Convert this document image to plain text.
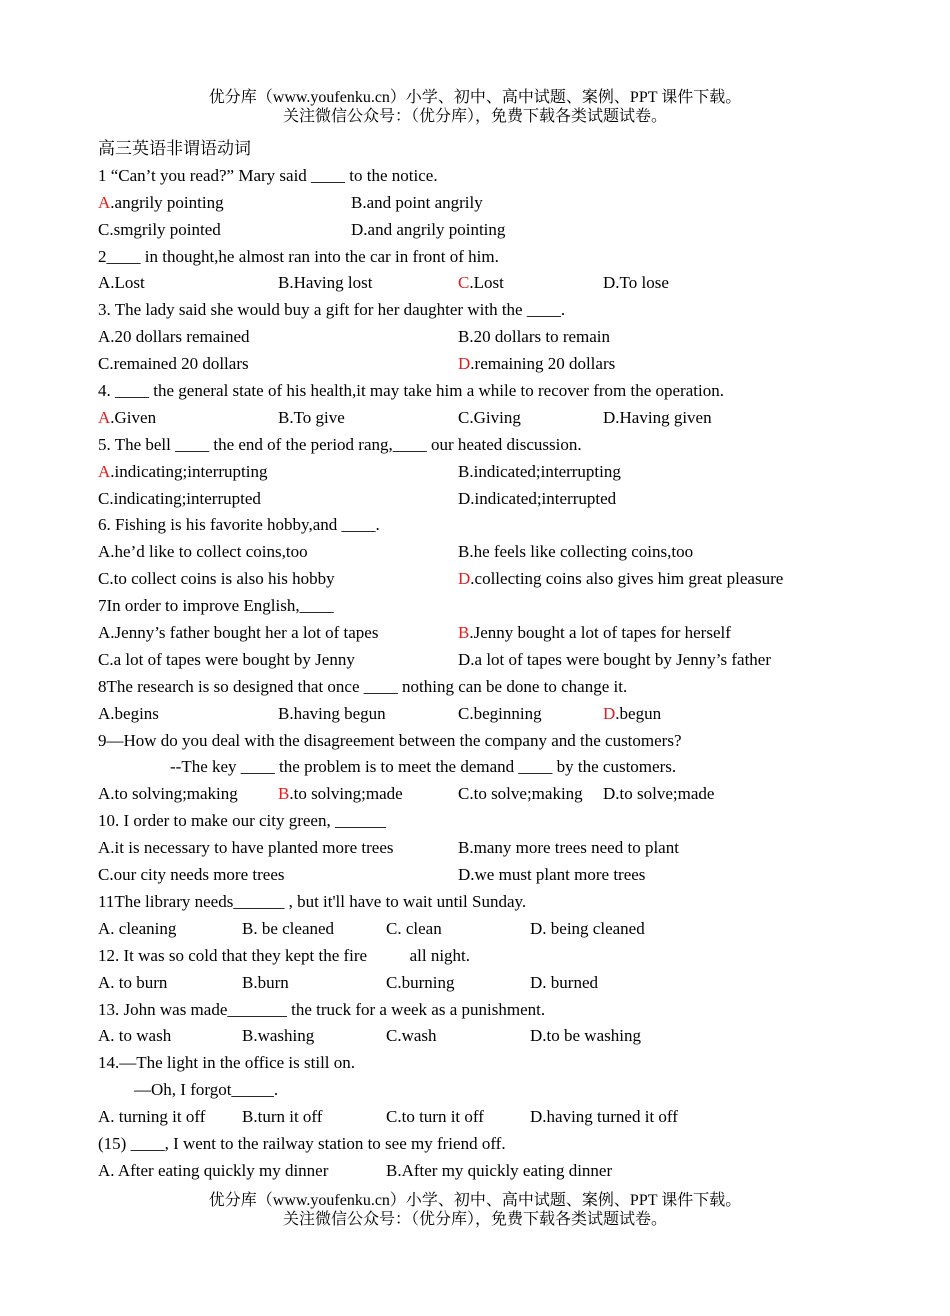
优分库（www.youfenku.cn）小学、初中、高中试题、案例、PPT 课件下载。
关注微信公众号：（优分库），免费下载各类试题试卷。
高三英语非谓语动词
1 “Can’t you read?” Mary said ____ to the notice.
A.angrily pointing	B.and point angrily
C.smgrily pointed	D.and angrily pointing
2____ in thought,he almost ran into the car in front of him.
A.Lost	B.Having lost	C.Lost	D.To lose
3. The lady said she would buy a gift for her daughter with the ____.
A.20 dollars remained	B.20 dollars to remain
C.remained 20 dollars	D.remaining 20 dollars
4. ____ the general state of his health,it may take him a while to recover from the operation.
A.Given	B.To give	C.Giving	D.Having given
5. The bell ____ the end of the period rang,____ our heated discussion.
A.indicating;interrupting	B.indicated;interrupting
C.indicating;interrupted	D.indicated;interrupted
6. Fishing is his favorite hobby,and ____.
A.he’d like to collect coins,too	B.he feels like collecting coins,too
C.to collect coins is also his hobby	D.collecting coins also gives him great pleasure
7In order to improve English,____
A.Jenny’s father bought her a lot of tapes	B.Jenny bought a lot of tapes for herself
C.a lot of tapes were bought by Jenny	D.a lot of tapes were bought by Jenny’s father
8The research is so designed that once ____ nothing can be done to change it.
A.begins	B.having begun	C.beginning	D.begun
9—How do you deal with the disagreement between the company and the customers?
--The key ____ the problem is to meet the demand ____ by the customers.
A.to solving;making B.to solving;made	C.to solve;making D.to solve;made
10. I order to make our city green, ______
A.it is necessary to have planted more trees	B.many more trees need to plant
C.our city needs more trees	D.we must plant more trees
11The library needs______ , but it'll have to wait until Sunday.
A. cleaning	B. be cleaned	C. clean	D. being cleaned
12. It was so cold that they kept the fire          all night.
A. to burn	B.burn	C.burning	D. burned
13. John was made_______ the truck for a week as a punishment.
A. to wash	B.washing	C.wash	D.to be washing
14.—The light in the office is still on.
—Oh, I forgot_____.
A. turning it off B.turn it off	C.to turn it off	D.having turned it off
(15) ____, I went to the railway station to see my friend off.
A. After eating quickly my dinner	B.After my quickly eating dinner
优分库（www.youfenku.cn）小学、初中、高中试题、案例、PPT 课件下载。
关注微信公众号：（优分库），免费下载各类试题试卷。
